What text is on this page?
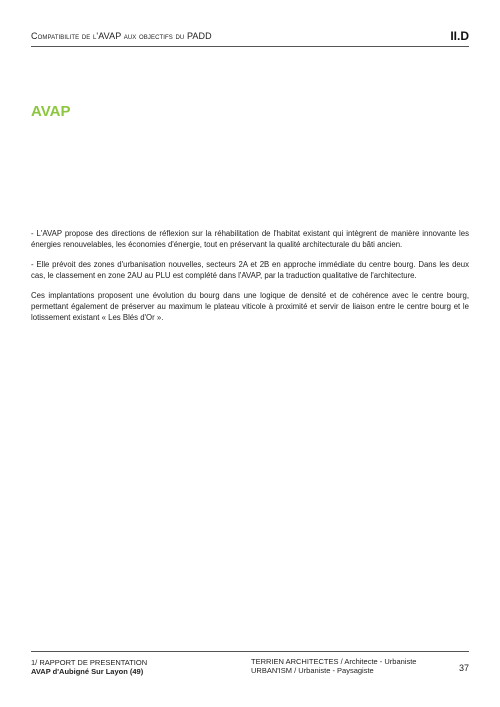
Compatibilite de l'AVAP aux objectifs du PADD	II.D
AVAP

- L'AVAP propose des directions de réflexion sur la réhabilitation de l'habitat existant qui intègrent de manière innovante les énergies renouvelables, les économies d'énergie, tout en préservant la qualité architecturale du bâti ancien.

- Elle prévoit des zones d'urbanisation nouvelles, secteurs 2A et 2B en approche immédiate du centre bourg. Dans les deux cas, le classement en zone 2AU au PLU est complété dans l'AVAP, par la traduction qualitative de l'architecture.

Ces implantations proposent une évolution du bourg dans une logique de densité et de cohérence avec le centre bourg, permettant également de préserver au maximum le plateau viticole à proximité et servir de liaison entre le centre bourg et le lotissement existant « Les Blés d'Or ».

1/ RAPPORT DE PRESENTATION
AVAP d'Aubigné Sur Layon (49)
TERRIEN ARCHITECTES / Architecte - Urbaniste
URBAN'ISM / Urbaniste - Paysagiste	37
